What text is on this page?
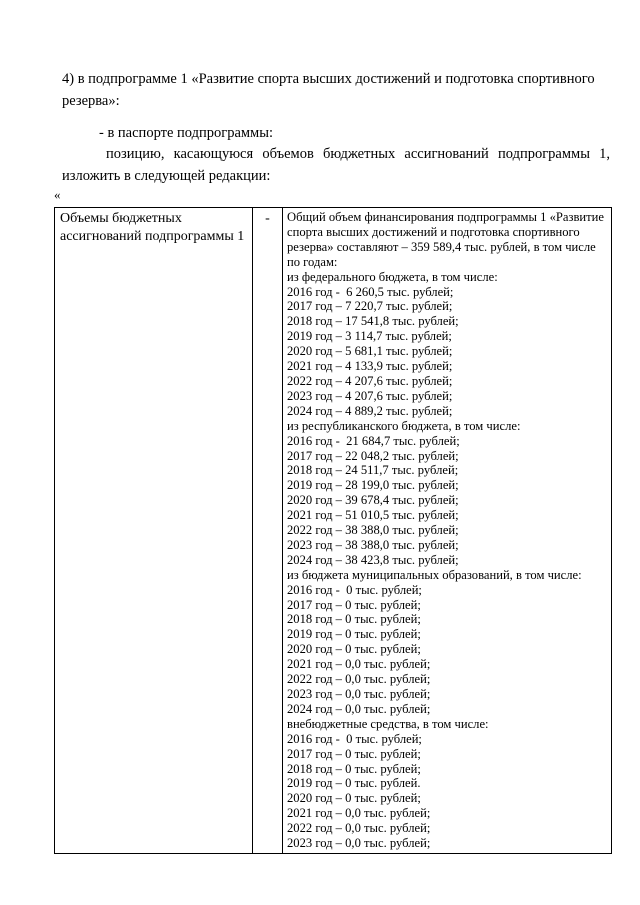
4) в подпрограмме 1 «Развитие спорта высших достижений и подготовка спортивного резерва»:
- в паспорте подпрограммы:
позицию, касающуюся объемов бюджетных ассигнований подпрограммы 1, изложить в следующей редакции:
«
Объемы бюджетных ассигнований подпрограммы 1	-	Общий объем финансирования подпрограммы 1 «Развитие спорта высших достижений и подготовка спортивного резерва» составляют – 359 589,4 тыс. рублей, в том числе по годам:
из федерального бюджета, в том числе:
2016 год -  6 260,5 тыс. рублей;
2017 год – 7 220,7 тыс. рублей;
2018 год – 17 541,8 тыс. рублей;
2019 год – 3 114,7 тыс. рублей;
2020 год – 5 681,1 тыс. рублей;
2021 год – 4 133,9 тыс. рублей;
2022 год – 4 207,6 тыс. рублей;
2023 год – 4 207,6 тыс. рублей;
2024 год – 4 889,2 тыс. рублей;
из республиканского бюджета, в том числе:
2016 год -  21 684,7 тыс. рублей;
2017 год – 22 048,2 тыс. рублей;
2018 год – 24 511,7 тыс. рублей;
2019 год – 28 199,0 тыс. рублей;
2020 год – 39 678,4 тыс. рублей;
2021 год – 51 010,5 тыс. рублей;
2022 год – 38 388,0 тыс. рублей;
2023 год – 38 388,0 тыс. рублей;
2024 год – 38 423,8 тыс. рублей;
из бюджета муниципальных образований, в том числе:
2016 год -  0 тыс. рублей;
2017 год – 0 тыс. рублей;
2018 год – 0 тыс. рублей;
2019 год – 0 тыс. рублей;
2020 год – 0 тыс. рублей;
2021 год – 0,0 тыс. рублей;
2022 год – 0,0 тыс. рублей;
2023 год – 0,0 тыс. рублей;
2024 год – 0,0 тыс. рублей;
внебюджетные средства, в том числе:
2016 год -  0 тыс. рублей;
2017 год – 0 тыс. рублей;
2018 год – 0 тыс. рублей;
2019 год – 0 тыс. рублей.
2020 год – 0 тыс. рублей;
2021 год – 0,0 тыс. рублей;
2022 год – 0,0 тыс. рублей;
2023 год – 0,0 тыс. рублей;
